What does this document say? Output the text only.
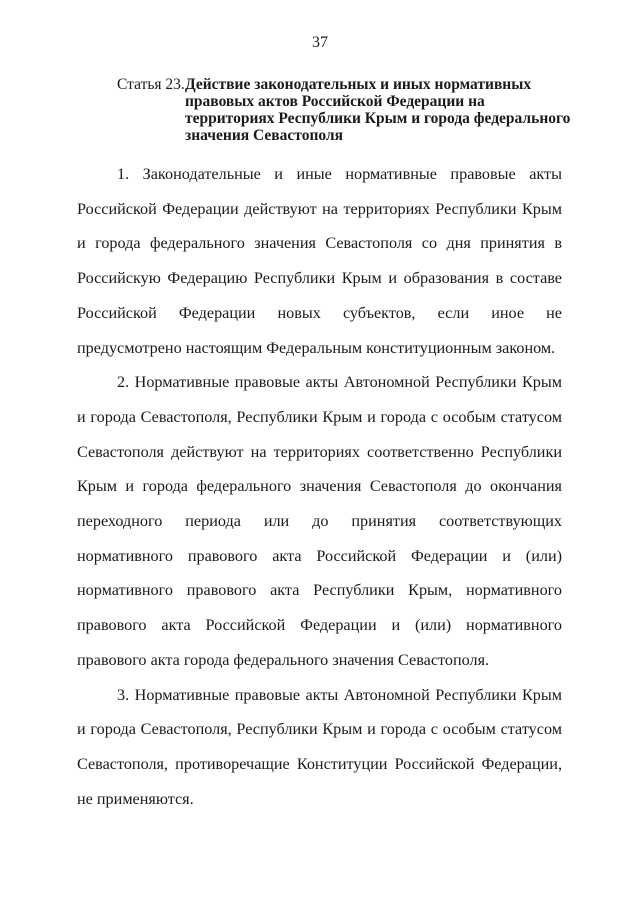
37
Статья 23. Действие законодательных и иных нормативных правовых актов Российской Федерации на территориях Республики Крым и города федерального значения Севастополя

1. Законодательные и иные нормативные правовые акты Российской Федерации действуют на территориях Республики Крым и города федерального значения Севастополя со дня принятия в Российскую Федерацию Республики Крым и образования в составе Российской Федерации новых субъектов, если иное не предусмотрено настоящим Федеральным конституционным законом.

2. Нормативные правовые акты Автономной Республики Крым и города Севастополя, Республики Крым и города с особым статусом Севастополя действуют на территориях соответственно Республики Крым и города федерального значения Севастополя до окончания переходного периода или до принятия соответствующих нормативного правового акта Российской Федерации и (или) нормативного правового акта Республики Крым, нормативного правового акта Российской Федерации и (или) нормативного правового акта города федерального значения Севастополя.

3. Нормативные правовые акты Автономной Республики Крым и города Севастополя, Республики Крым и города с особым статусом Севастополя, противоречащие Конституции Российской Федерации, не применяются.
